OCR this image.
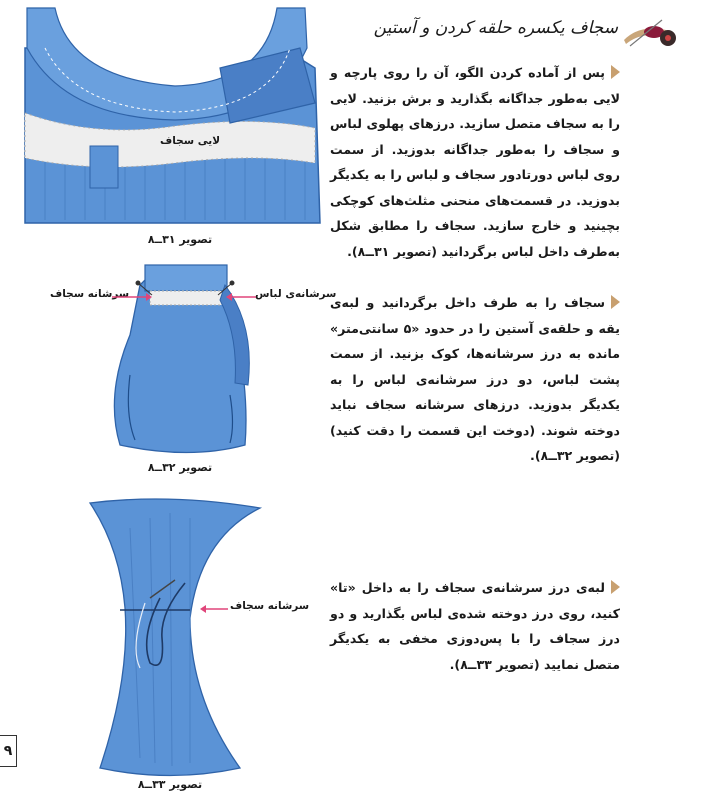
سجاف یکسره حلقه کردن و آستین
پس از آماده کردن الگو، آن را روی پارچه و لایی به‌طور جداگانه بگذارید و برش بزنید. لایی را به سجاف متصل سازید. درزهای پهلوی لباس و سجاف را به‌طور جداگانه بدوزید. از سمت روی لباس دورتادور سجاف و لباس را به یکدیگر بدوزید. در قسمت‌های منحنی مثلث‌های کوچکی بچینید و خارج سازید. سجاف را مطابق شکل به‌طرف داخل لباس برگردانید (تصویر ۳۱ــ۸).
لایی سجاف
تصویر ۳۱ــ۸
سجاف را به طرف داخل برگردانید و لبه‌ی یقه و حلقه‌ی آستین را در حدود «۵ سانتی‌متر» مانده به درز سرشانه‌ها، کوک بزنید. از سمت پشت لباس، دو درز سرشانه‌ی لباس را به یکدیگر بدوزید. درزهای سرشانه سجاف نباید دوخته شوند. (دوخت این قسمت را دقت کنید) (تصویر ۳۲ــ۸).
سرشانه سجاف	سرشانه‌ی لباس
تصویر ۳۲ــ۸
لبه‌ی درز سرشانه‌ی سجاف را به داخل «تا» کنید، روی درز دوخته شده‌ی لباس بگذارید و دو درز سجاف را با پس‌دوزی مخفی به یکدیگر متصل نمایید (تصویر ۳۳ــ۸).
سرشانه سجاف
تصویر ۳۳ــ۸
۹
